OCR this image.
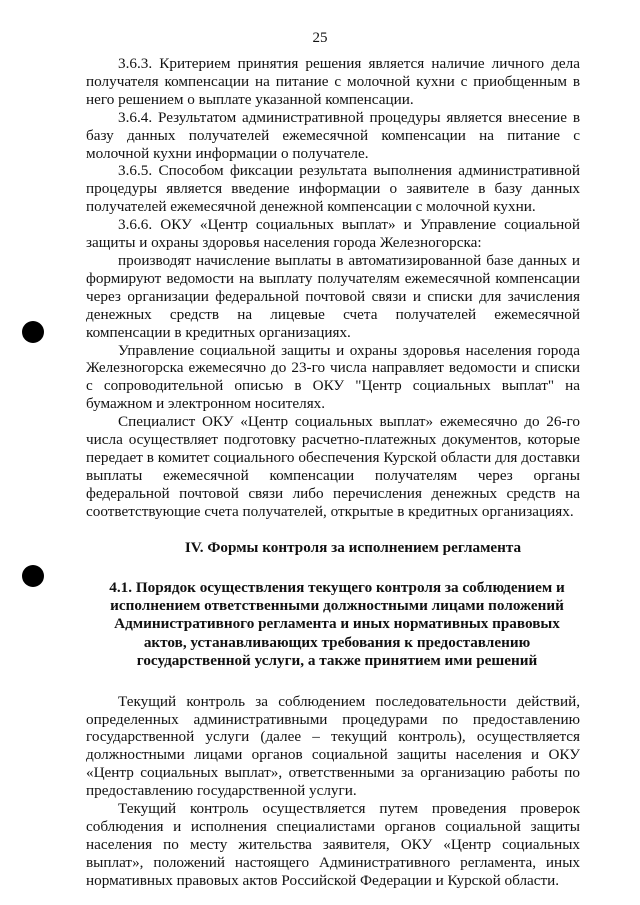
25

3.6.3. Критерием принятия решения является наличие личного дела получателя компенсации на питание с молочной кухни с приобщенным в него решением о выплате указанной компенсации.

3.6.4. Результатом административной процедуры является внесение в базу данных получателей ежемесячной компенсации на питание с молочной кухни информации о получателе.

3.6.5. Способом фиксации результата выполнения административной процедуры является введение информации о заявителе в базу данных получателей ежемесячной денежной компенсации с молочной кухни.

3.6.6. ОКУ «Центр социальных выплат» и Управление социальной защиты и охраны здоровья населения города Железногорска:

производят начисление выплаты в автоматизированной базе данных и формируют ведомости на выплату получателям ежемесячной компенсации через организации федеральной почтовой связи и списки для зачисления денежных средств на лицевые счета получателей ежемесячной компенсации в кредитных организациях.

Управление социальной защиты и охраны здоровья населения города Железногорска ежемесячно до 23-го числа направляет ведомости и списки с сопроводительной описью в ОКУ "Центр социальных выплат" на бумажном и электронном носителях.

Специалист ОКУ «Центр социальных выплат» ежемесячно до 26-го числа осуществляет подготовку расчетно-платежных документов, которые передает в комитет социального обеспечения Курской области для доставки выплаты ежемесячной компенсации получателям через органы федеральной почтовой связи либо перечисления денежных средств на соответствующие счета получателей, открытые в кредитных организациях.

IV. Формы контроля за исполнением регламента
4.1. Порядок осуществления текущего контроля за соблюдением и исполнением ответственными должностными лицами положений Административного регламента и иных нормативных правовых актов, устанавливающих требования к предоставлению государственной услуги, а также принятием ими решений

Текущий контроль за соблюдением последовательности действий, определенных административными процедурами по предоставлению государственной услуги (далее – текущий контроль), осуществляется должностными лицами органов социальной защиты населения и ОКУ «Центр социальных выплат», ответственными за организацию работы по предоставлению государственной услуги.

Текущий контроль осуществляется путем проведения проверок соблюдения и исполнения специалистами органов социальной защиты населения по месту жительства заявителя, ОКУ «Центр социальных выплат», положений настоящего Административного регламента, иных нормативных правовых актов Российской Федерации и Курской области.
